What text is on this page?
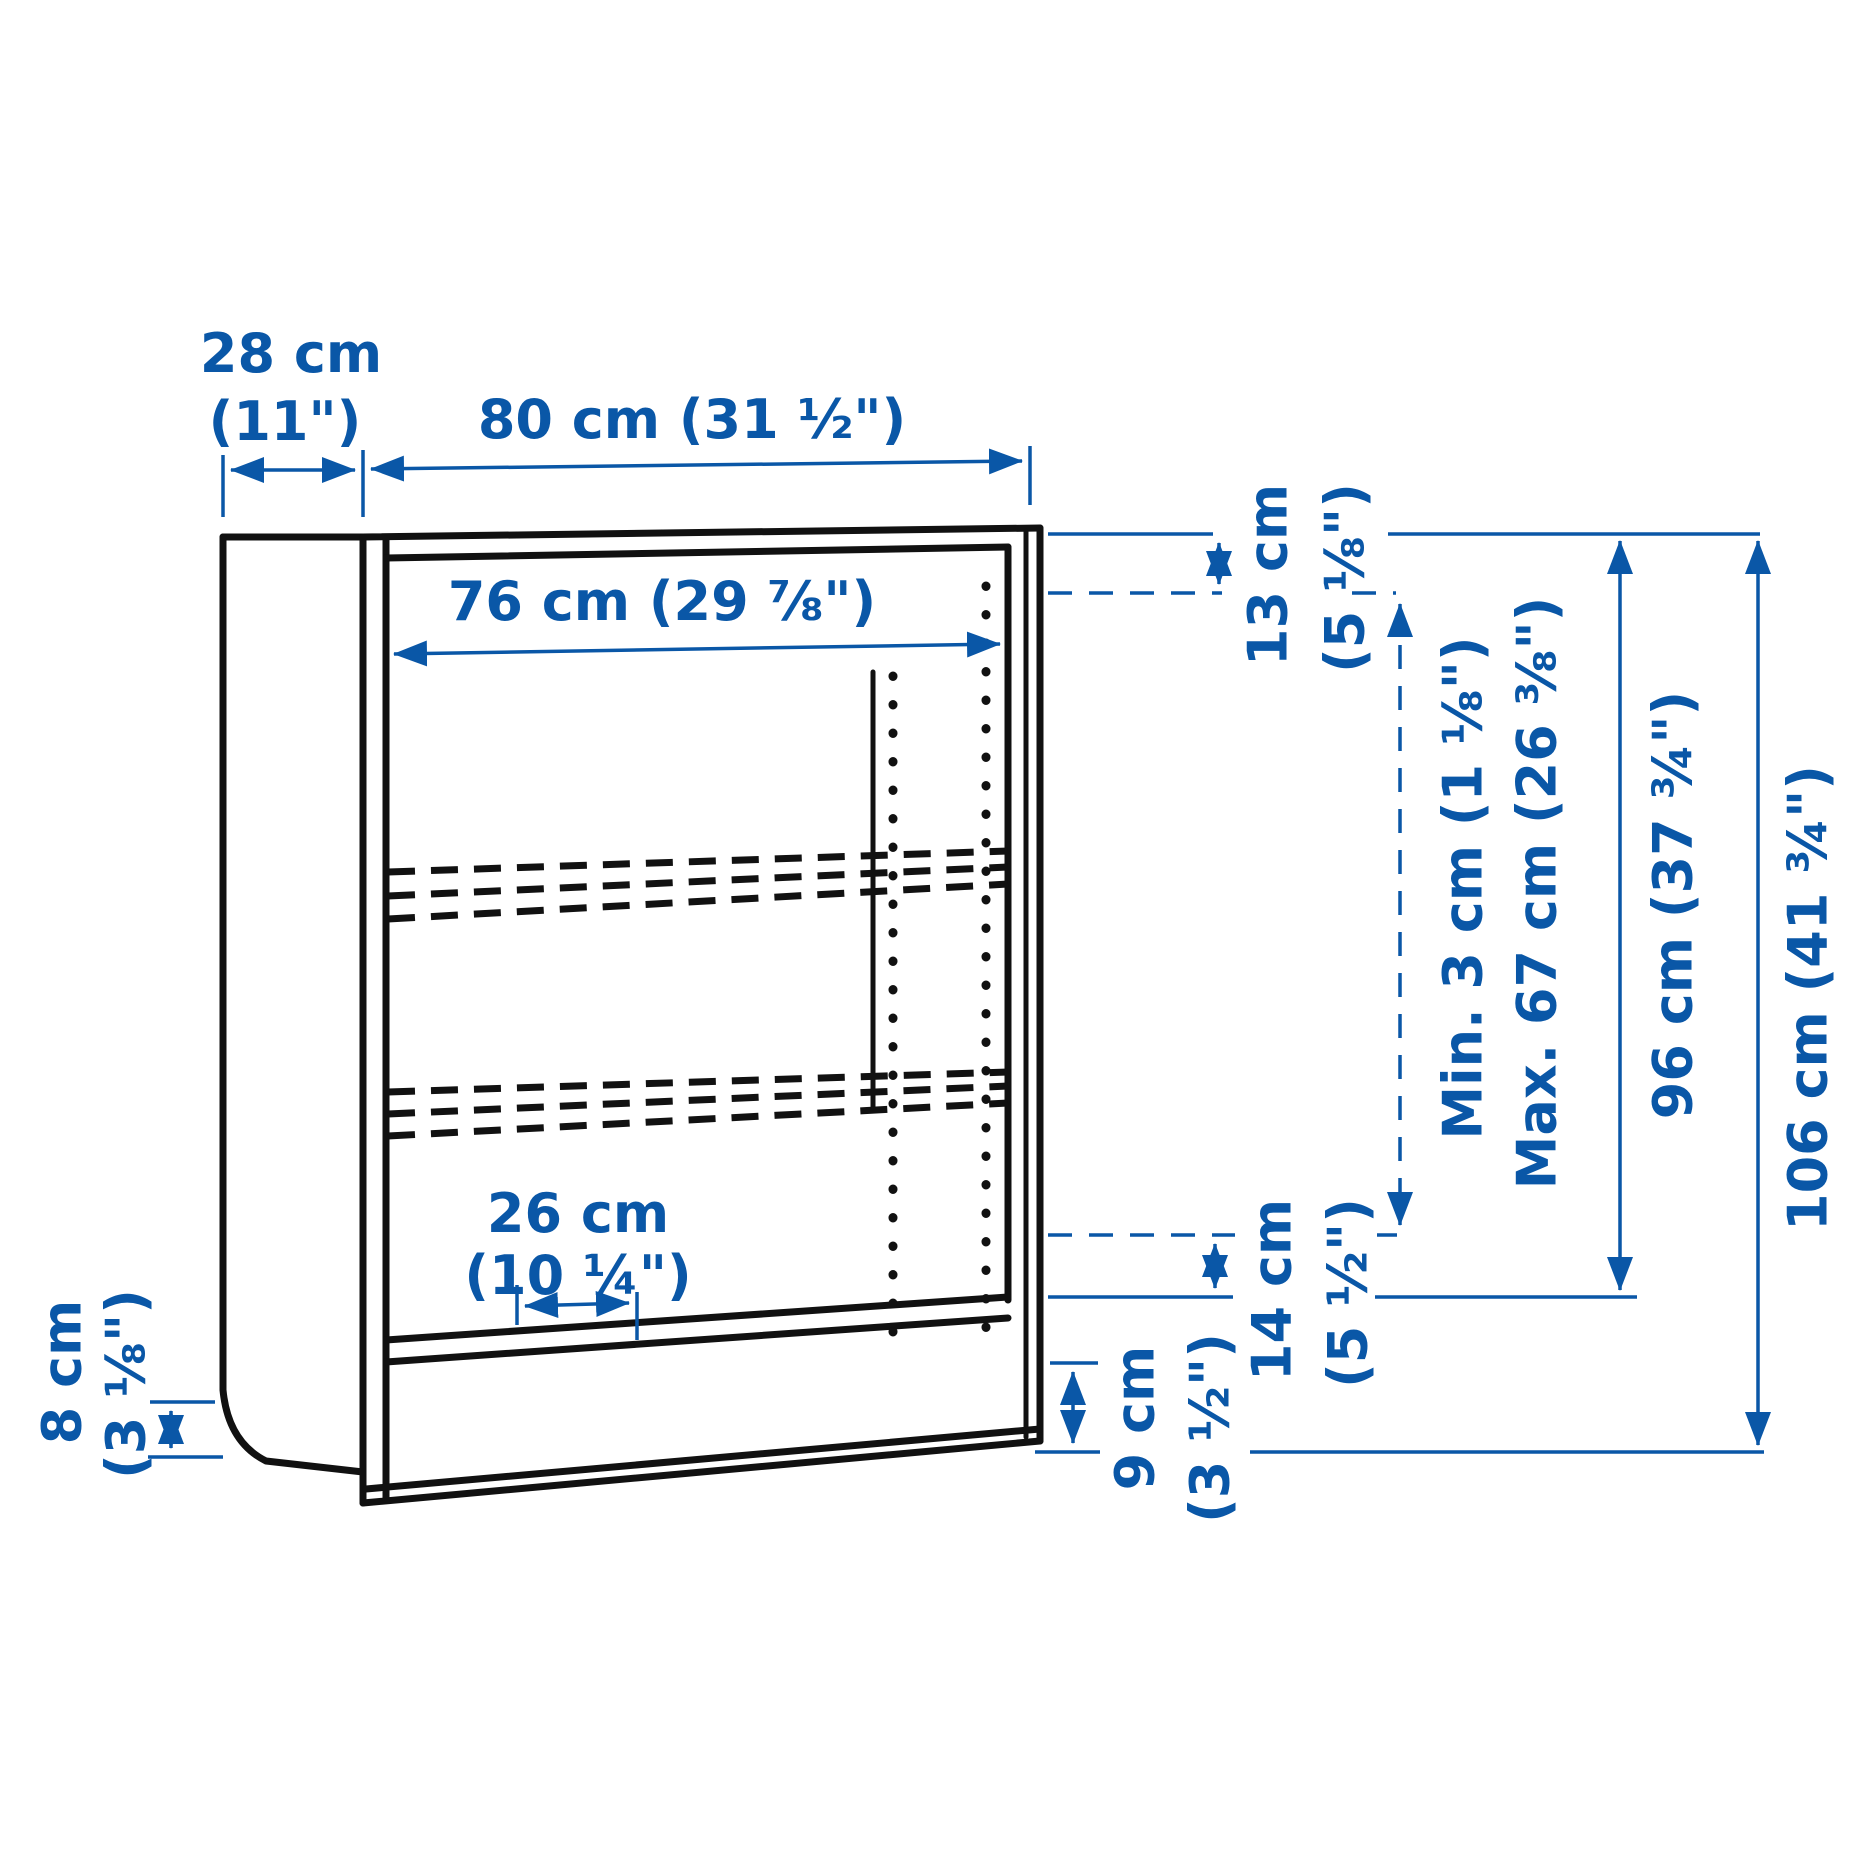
28 cm
(11") 80 cm (31 ½")
76 cm (29 ⅞")	13 cm (5 ⅛")
Min. 3 cm (1 ⅛") Max. 67 cm (26 ⅜") 96 cm (37 ¾") 106 cm (41 ¾")
14 cm (5 ½")
9 cm (3 ½")
8 cm (3 ⅛")
26 cm
(10 ¼")
